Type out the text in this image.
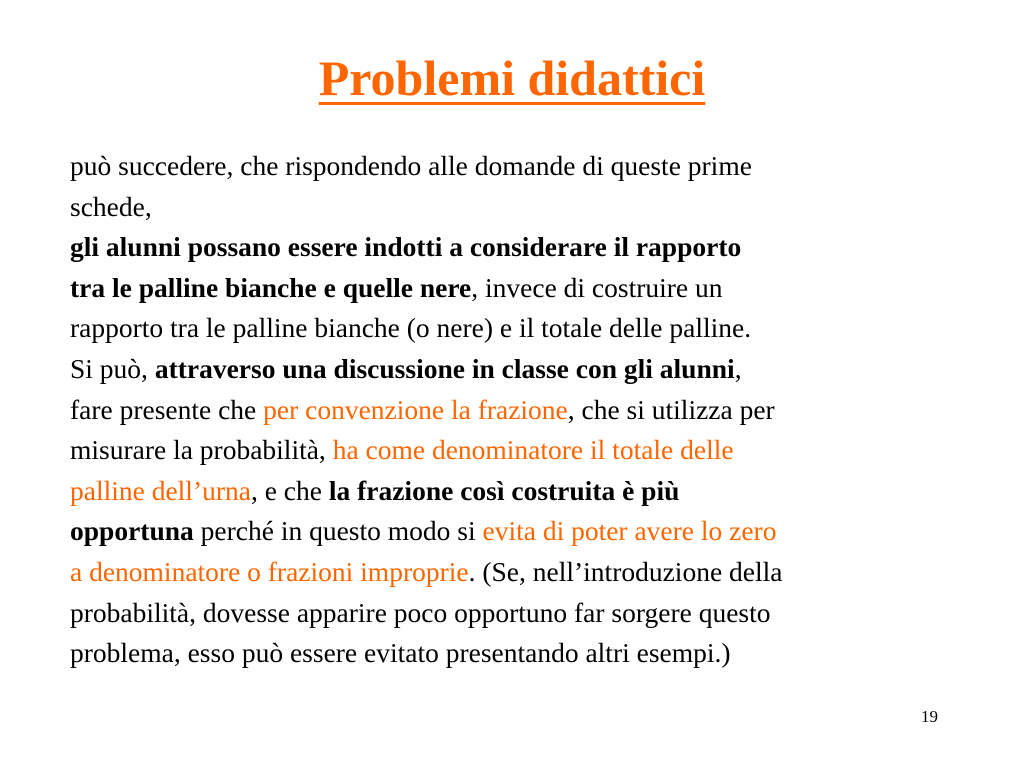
Problemi didattici
può succedere, che rispondendo alle domande di queste prime
schede,
gli alunni possano essere indotti a considerare il rapporto
tra le palline bianche e quelle nere, invece di costruire un
rapporto tra le palline bianche (o nere) e il totale delle palline.
Si può, attraverso una discussione in classe con gli alunni,
fare presente che per convenzione la frazione, che si utilizza per
misurare la probabilità, ha come denominatore il totale delle
palline dell’urna, e che la frazione così costruita è più
opportuna perché in questo modo si evita di poter avere lo zero
a denominatore o frazioni improprie. (Se, nell’introduzione della
probabilità, dovesse apparire poco opportuno far sorgere questo
problema, esso può essere evitato presentando altri esempi.)
19
